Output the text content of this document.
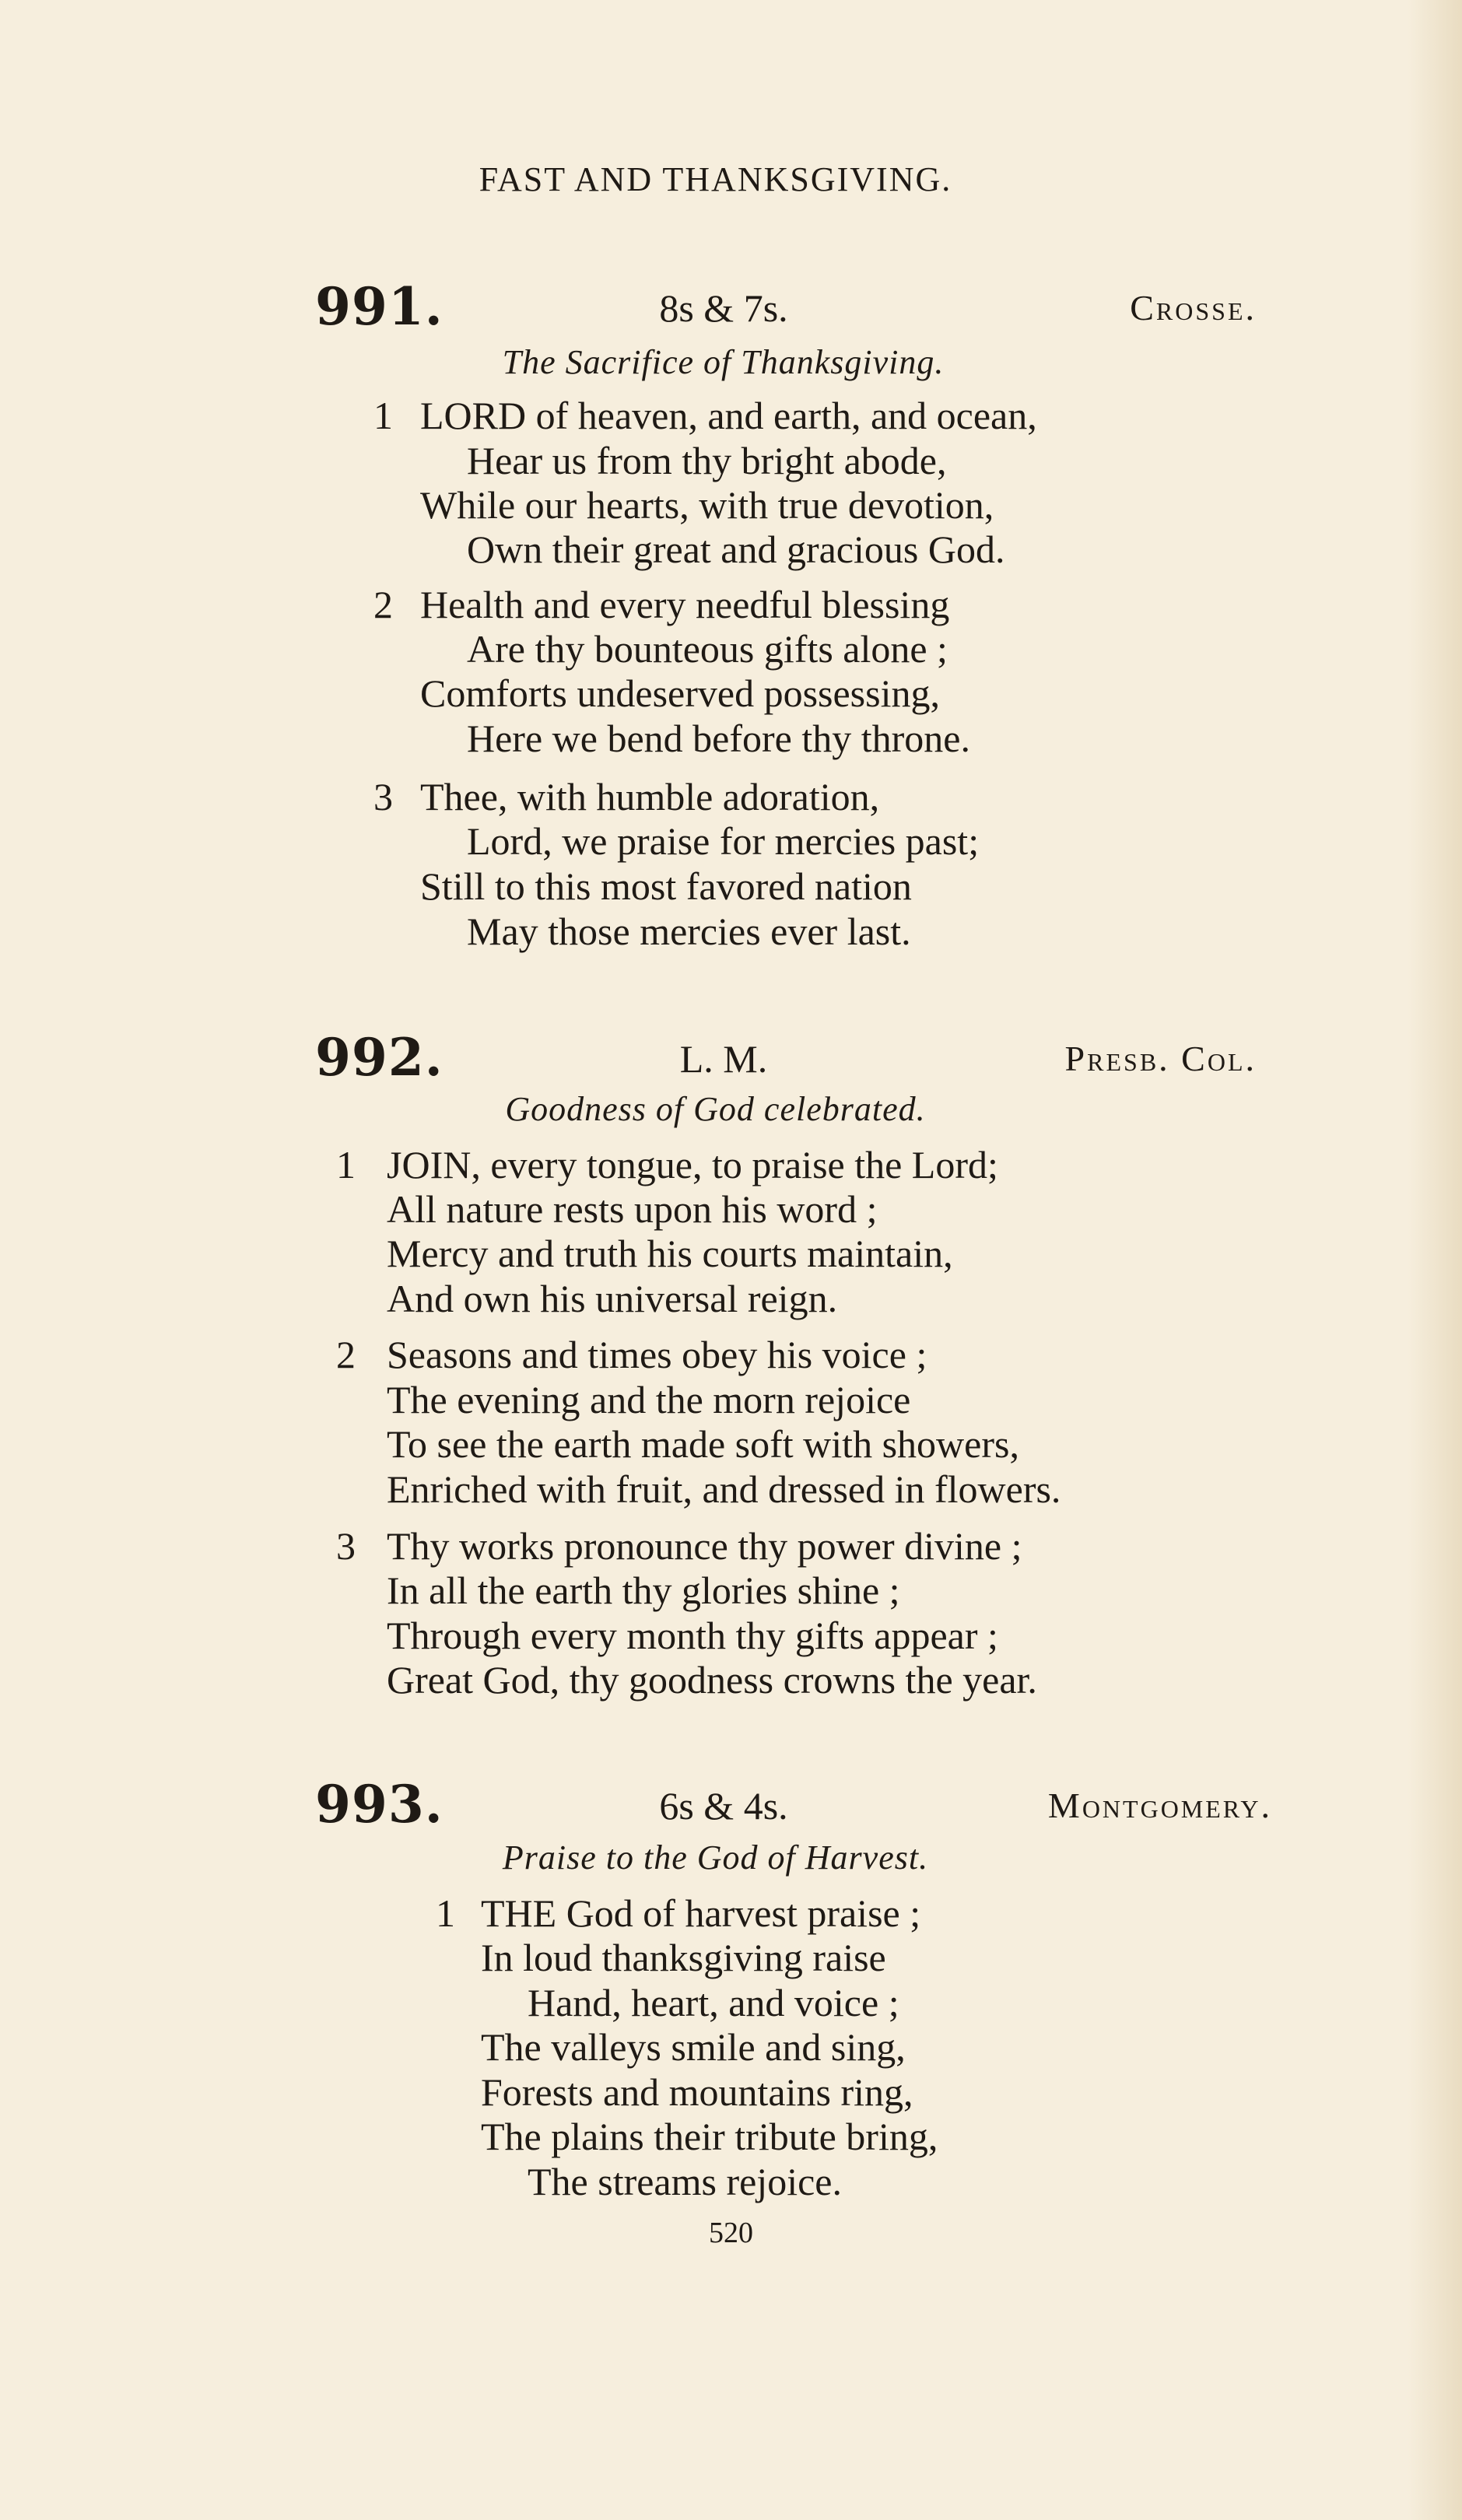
FAST AND THANKSGIVING.
991.	8s & 7s.	Crosse.
The Sacrifice of Thanksgiving.
1 LORD of heaven, and earth, and ocean,
Hear us from thy bright abode,
While our hearts, with true devotion,
Own their great and gracious God.
2 Health and every needful blessing
Are thy bounteous gifts alone ;
Comforts undeserved possessing,
Here we bend before thy throne.
3 Thee, with humble adoration,
Lord, we praise for mercies past;
Still to this most favored nation
May those mercies ever last.
992.	L. M.	Presb. Col.
Goodness of God celebrated.
1 JOIN, every tongue, to praise the Lord;
All nature rests upon his word ;
Mercy and truth his courts maintain,
And own his universal reign.
2 Seasons and times obey his voice ;
The evening and the morn rejoice
To see the earth made soft with showers,
Enriched with fruit, and dressed in flowers.
3 Thy works pronounce thy power divine ;
In all the earth thy glories shine ;
Through every month thy gifts appear ;
Great God, thy goodness crowns the year.
993.	6s & 4s.	Montgomery.
Praise to the God of Harvest.
1 THE God of harvest praise ;
In loud thanksgiving raise
Hand, heart, and voice ;
The valleys smile and sing,
Forests and mountains ring,
The plains their tribute bring,
The streams rejoice.
520
